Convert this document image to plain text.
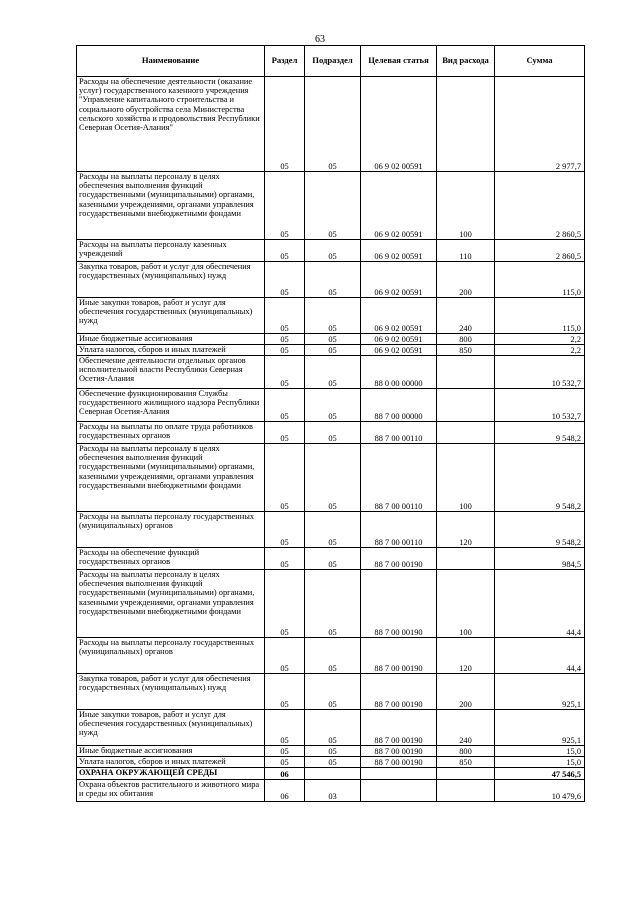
63
Наименование	Раздел	Подраздел	Целевая статья	Вид расхода	Сумма
Расходы на обеспечение деятельности (оказание услуг) государственного казенного учреждения "Управление капитального строительства и социального обустройства села Министерства сельского хозяйства и продовольствия Республики Северная Осетия-Алания"	05	05	06 9 02 00591		2 977,7
Расходы на выплаты персоналу в целях обеспечения выполнения функций государственными (муниципальными) органами, казенными учреждениями, органами управления государственными внебюджетными фондами	05	05	06 9 02 00591	100	2 860,5
Расходы на выплаты персоналу казенных учреждений	05	05	06 9 02 00591	110	2 860,5
Закупка товаров, работ и услуг для обеспечения государственных (муниципальных) нужд	05	05	06 9 02 00591	200	115,0
Иные закупки товаров, работ и услуг для обеспечения государственных (муниципальных) нужд	05	05	06 9 02 00591	240	115,0
Иные бюджетные ассигнования	05	05	06 9 02 00591	800	2,2
Уплата налогов, сборов и иных платежей	05	05	06 9 02 00591	850	2,2
Обеспечение деятельности отдельных органов исполнительной власти Республики Северная Осетия-Алания	05	05	88 0 00 00000		10 532,7
Обеспечение функционирования Службы государственного жилищного надзора Республики Северная Осетия-Алания	05	05	88 7 00 00000		10 532,7
Расходы на выплаты по оплате труда работников государственных органов	05	05	88 7 00 00110		9 548,2
Расходы на выплаты персоналу в целях обеспечения выполнения функций государственными (муниципальными) органами, казенными учреждениями, органами управления государственными внебюджетными фондами	05	05	88 7 00 00110	100	9 548,2
Расходы на выплаты персоналу государственных (муниципальных) органов	05	05	88 7 00 00110	120	9 548,2
Расходы на обеспечение функций государственных органов	05	05	88 7 00 00190		984,5
Расходы на выплаты персоналу в целях обеспечения выполнения функций государственными (муниципальными) органами, казенными учреждениями, органами управления государственными внебюджетными фондами	05	05	88 7 00 00190	100	44,4
Расходы на выплаты персоналу государственных (муниципальных) органов	05	05	88 7 00 00190	120	44,4
Закупка товаров, работ и услуг для обеспечения государственных (муниципальных) нужд	05	05	88 7 00 00190	200	925,1
Иные закупки товаров, работ и услуг для обеспечения государственных (муниципальных) нужд	05	05	88 7 00 00190	240	925,1
Иные бюджетные ассигнования	05	05	88 7 00 00190	800	15,0
Уплата налогов, сборов и иных платежей	05	05	88 7 00 00190	850	15,0
ОХРАНА ОКРУЖАЮЩЕЙ СРЕДЫ	06				47 546,5
Охрана объектов растительного и животного мира и среды их обитания	06	03			10 479,6
